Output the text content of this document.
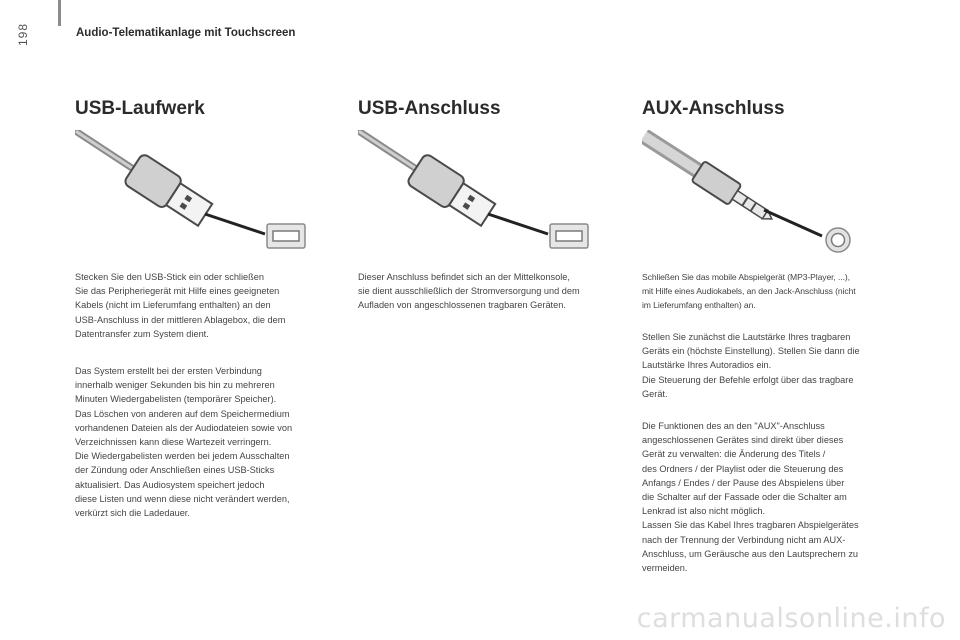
198	Audio-Telematikanlage mit Touchscreen
USB-Laufwerk
Stecken Sie den USB-Stick ein oder schließen
Sie das Peripheriegerät mit Hilfe eines geeigneten
Kabels (nicht im Lieferumfang enthalten) an den
USB-Anschluss in der mittleren Ablagebox, die dem
Datentransfer zum System dient.
Das System erstellt bei der ersten Verbindung
innerhalb weniger Sekunden bis hin zu mehreren
Minuten Wiedergabelisten (temporärer Speicher).
Das Löschen von anderen auf dem Speichermedium
vorhandenen Dateien als der Audiodateien sowie von
Verzeichnissen kann diese Wartezeit verringern.
Die Wiedergabelisten werden bei jedem Ausschalten
der Zündung oder Anschließen eines USB-Sticks
aktualisiert. Das Audiosystem speichert jedoch
diese Listen und wenn diese nicht verändert werden,
verkürzt sich die Ladedauer.
USB-Anschluss
Dieser Anschluss befindet sich an der Mittelkonsole,
sie dient ausschließlich der Stromversorgung und dem
Aufladen von angeschlossenen tragbaren Geräten.
AUX-Anschluss
Schließen Sie das mobile Abspielgerät (MP3-Player, ...),
mit Hilfe eines Audiokabels, an den Jack-Anschluss (nicht
im Lieferumfang enthalten) an.
Stellen Sie zunächst die Lautstärke Ihres tragbaren
Geräts ein (höchste Einstellung). Stellen Sie dann die
Lautstärke Ihres Autoradios ein.
Die Steuerung der Befehle erfolgt über das tragbare
Gerät.
Die Funktionen des an den "AUX"-Anschluss
angeschlossenen Gerätes sind direkt über dieses
Gerät zu verwalten: die Änderung des Titels /
des Ordners / der Playlist oder die Steuerung des
Anfangs / Endes / der Pause des Abspielens über
die Schalter auf der Fassade oder die Schalter am
Lenkrad ist also nicht möglich.
Lassen Sie das Kabel Ihres tragbaren Abspielgerätes
nach der Trennung der Verbindung nicht am AUX-
Anschluss, um Geräusche aus den Lautsprechern zu
vermeiden.
carmanualsonline.info
